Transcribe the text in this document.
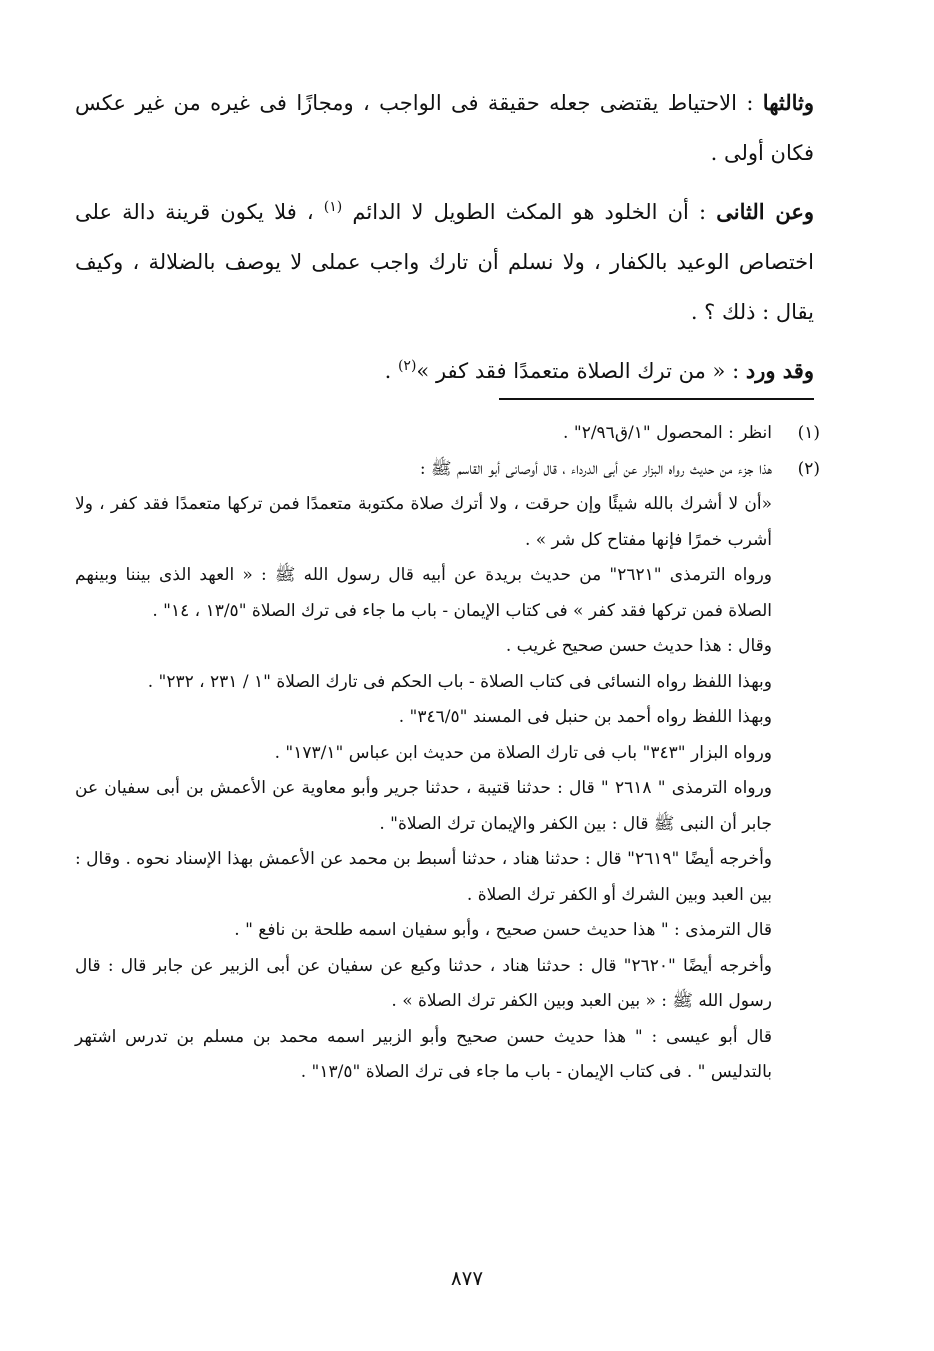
وثالثها : الاحتياط يقتضى جعله حقيقة فى الواجب ، ومجازًا فى غيره من غير عكس فكان أولى .

وعن الثانى : أن الخلود هو المكث الطويل لا الدائم $^{(١)}$ ، فلا يكون قرينة دالة على اختصاص الوعيد بالكفار ، ولا نسلم أن تارك واجب عملى لا يوصف بالضلالة ، وكيف يقال : ذلك ؟ .

وقد ورد : « من ترك الصلاة متعمدًا فقد كفر »$^{(٢)}$ .

(١)

انظر : المحصول "١/ق٢/٩٦" .

(٢)

هذا جزء من حديث رواه البزار عن أبى الدرداء ، قال أوصانى أبو القاسم ﷺ :

«أن لا أشرك بالله شيئًا وإن حرقت ، ولا أترك صلاة مكتوبة متعمدًا فمن تركها متعمدًا فقد كفر ، ولا أشرب خمرًا فإنها مفتاح كل شر » .

ورواه الترمذى "٢٦٢١" من حديث بريدة عن أبيه قال رسول الله ﷺ : « العهد الذى بيننا وبينهم الصلاة فمن تركها فقد كفر » فى كتاب الإيمان - باب ما جاء فى ترك الصلاة "١٣/٥ ، ١٤" .

وقال : هذا حديث حسن صحيح غريب .

وبهذا اللفظ رواه النسائى فى كتاب الصلاة - باب الحكم فى تارك الصلاة "١ / ٢٣١ ، ٢٣٢" .

وبهذا اللفظ رواه أحمد بن حنبل فى المسند "٣٤٦/٥" .

ورواه البزار "٣٤٣" باب فى تارك الصلاة من حديث ابن عباس "١٧٣/١" .

ورواه الترمذى " ٢٦١٨ " قال : حدثنا قتيبة ، حدثنا جرير وأبو معاوية عن الأعمش بن أبى سفيان عن جابر أن النبى ﷺ قال : بين الكفر والإيمان ترك الصلاة" .

وأخرجه أيضًا "٢٦١٩" قال : حدثنا هناد ، حدثنا أسبط بن محمد عن الأعمش بهذا الإسناد نحوه . وقال : بين العبد وبين الشرك أو الكفر ترك الصلاة .

قال الترمذى : " هذا حديث حسن صحيح ، وأبو سفيان اسمه طلحة بن نافع " .

وأخرجه أيضًا "٢٦٢٠" قال : حدثنا هناد ، حدثنا وكيع عن سفيان عن أبى الزبير عن جابر قال : قال رسول الله ﷺ : « بين العبد وبين الكفر ترك الصلاة » .

قال أبو عيسى : " هذا حديث حسن صحيح وأبو الزبير اسمه محمد بن مسلم بن تدرس اشتهر بالتدليس " . فى كتاب الإيمان - باب ما جاء فى ترك الصلاة "١٣/٥" .

٨٧٧
